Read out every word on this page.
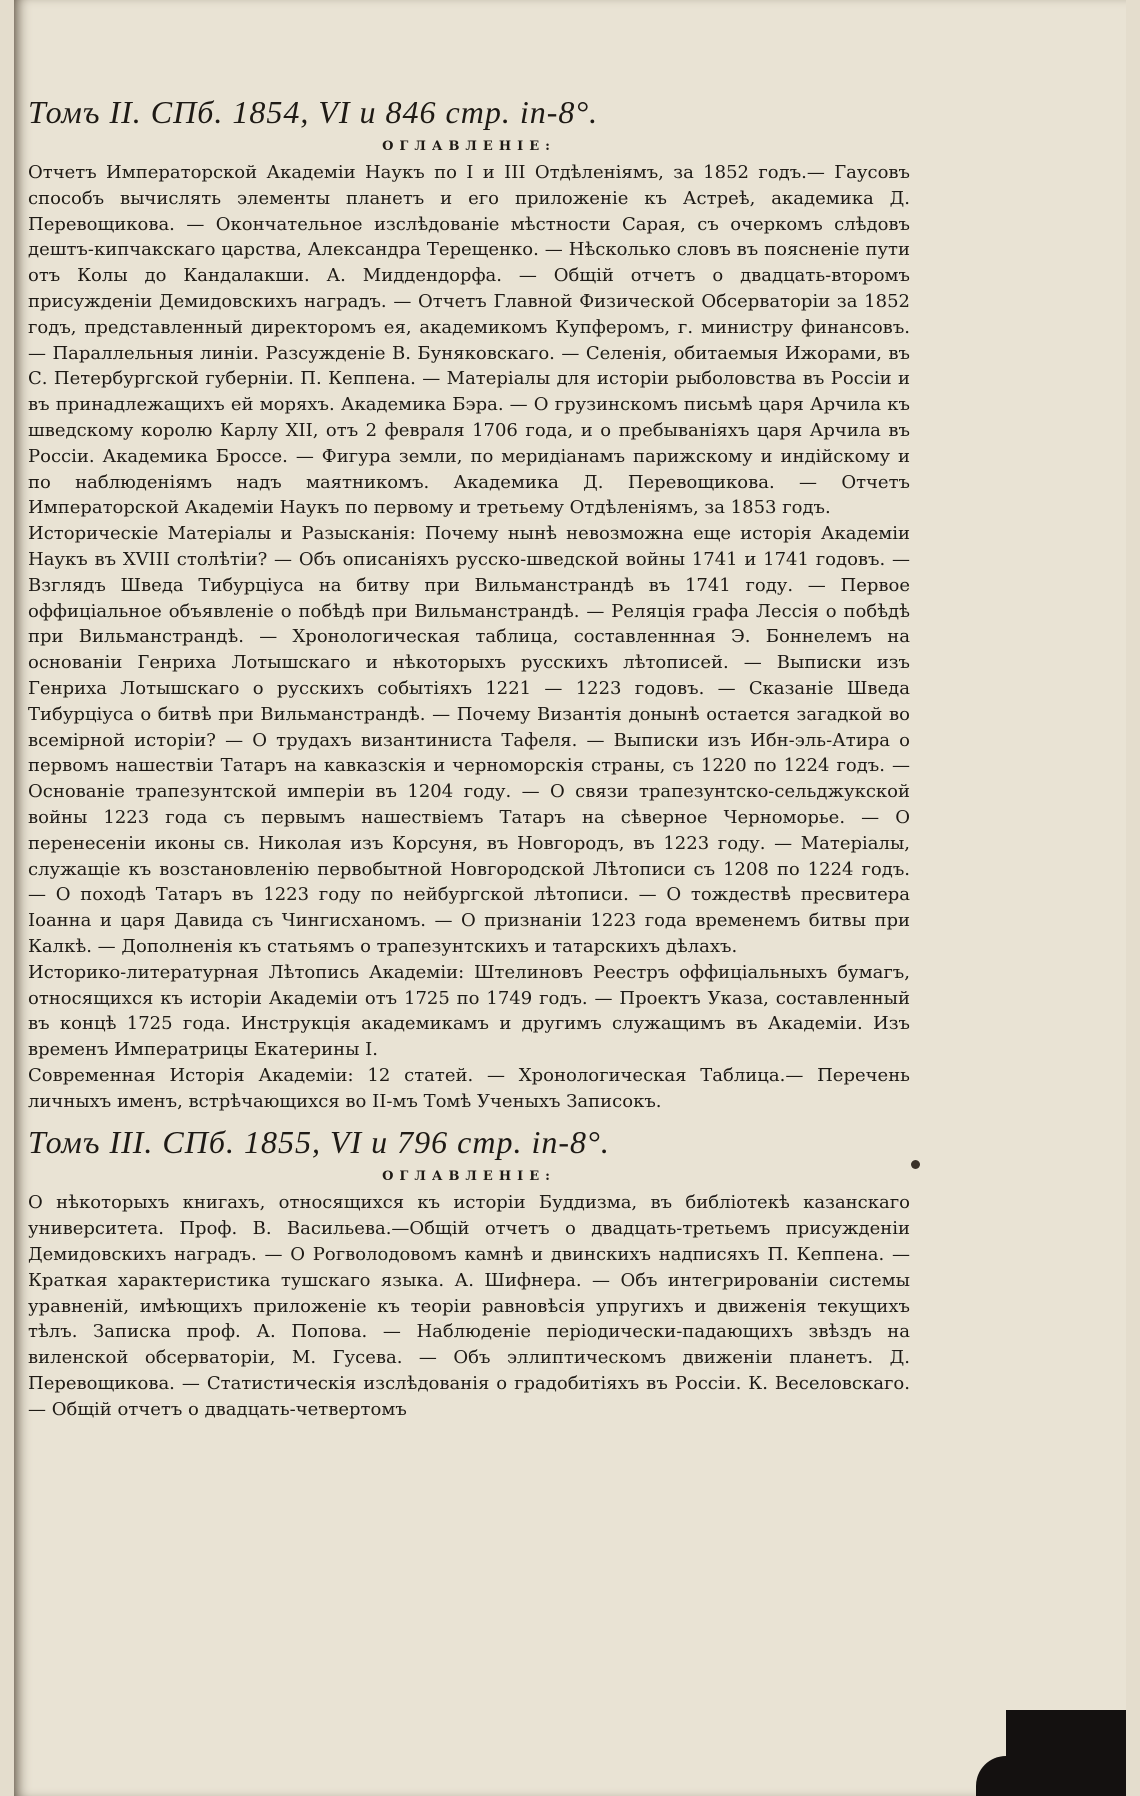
Томъ II. СПб. 1854, VI и 846 стр. in-8°.
ОГЛАВЛЕНІЕ:

Отчетъ Императорской Академіи Наукъ по I и III Отдѣленіямъ, за 1852 годъ.— Гаусовъ способъ вычислять элементы планетъ и его приложеніе къ Астреѣ, академика Д. Перевощикова. — Окончательное изслѣдованіе мѣстности Сарая, съ очеркомъ слѣдовъ дештъ-кипчакскаго царства, Александра Терещенко. — Нѣсколько словъ въ поясненіе пути отъ Колы до Кандалакши. А. Миддендорфа. — Общій отчетъ о двадцать-второмъ присужденіи Демидовскихъ наградъ. — Отчетъ Главной Физической Обсерваторіи за 1852 годъ, представленный директоромъ ея, академикомъ Купферомъ, г. министру финансовъ. — Параллельныя линіи. Разсужденіе В. Буняковскаго. — Селенія, обитаемыя Ижорами, въ С. Петербургской губерніи. П. Кеппена. — Матеріалы для исторіи рыболовства въ Россіи и въ принадлежащихъ ей моряхъ. Академика Бэра. — О грузинскомъ письмѣ царя Арчила къ шведскому королю Карлу XII, отъ 2 февраля 1706 года, и о пребываніяхъ царя Арчила въ Россіи. Академика Броссе. — Фигура земли, по меридіанамъ парижскому и индійскому и по наблюденіямъ надъ маятникомъ. Академика Д. Перевощикова. — Отчетъ Императорской Академіи Наукъ по первому и третьему Отдѣленіямъ, за 1853 годъ.

Историческіе Матеріалы и Разысканія: Почему нынѣ невозможна еще исторія Академіи Наукъ въ XVIII столѣтіи? — Объ описаніяхъ русско-шведской войны 1741 и 1741 годовъ. — Взглядъ Шведа Тибурціуса на битву при Вильманстрандѣ въ 1741 году. — Первое оффиціальное объявленіе о побѣдѣ при Вильманстрандѣ. — Реляція графа Лессія о побѣдѣ при Вильманстрандѣ. — Хронологическая таблица, составленнная Э. Боннелемъ на основаніи Генриха Лотышскаго и нѣкоторыхъ русскихъ лѣтописей. — Выписки изъ Генриха Лотышскаго о русскихъ событіяхъ 1221 — 1223 годовъ. — Сказаніе Шведа Тибурціуса о битвѣ при Вильманстрандѣ. — Почему Византія донынѣ остается загадкой во всемірной исторіи? — О трудахъ византиниста Тафеля. — Выписки изъ Ибн-эль-Атира о первомъ нашествіи Татаръ на кавказскія и черноморскія страны, съ 1220 по 1224 годъ. — Основаніе трапезунтской имперіи въ 1204 году. — О связи трапезунтско-сельджукской войны 1223 года съ первымъ нашествіемъ Татаръ на сѣверное Черноморье. — О перенесеніи иконы св. Николая изъ Корсуня, въ Новгородъ, въ 1223 году. — Матеріалы, служащіе къ возстановленію первобытной Новгородской Лѣтописи съ 1208 по 1224 годъ. — О походѣ Татаръ въ 1223 году по нейбургской лѣтописи. — О тождествѣ пресвитера Іоанна и царя Давида съ Чингисханомъ. — О признаніи 1223 года временемъ битвы при Калкѣ. — Дополненія къ статьямъ о трапезунтскихъ и татарскихъ дѣлахъ.

Историко-литературная Лѣтопись Академіи: Штелиновъ Реестръ оффиціальныхъ бумагъ, относящихся къ исторіи Академіи отъ 1725 по 1749 годъ. — Проектъ Указа, составленный въ концѣ 1725 года. Инструкція академикамъ и другимъ служащимъ въ Академіи. Изъ временъ Императрицы Екатерины I.

Современная Исторія Академіи: 12 статей. — Хронологическая Таблица.— Перечень личныхъ именъ, встрѣчающихся во II-мъ Томѣ Ученыхъ Записокъ.

Томъ III. СПб. 1855, VI и 796 стр. in-8°.
ОГЛАВЛЕНІЕ:

О нѣкоторыхъ книгахъ, относящихся къ исторіи Буддизма, въ библіотекѣ казанскаго университета. Проф. В. Васильева.—Общій отчетъ о двадцать-третьемъ присужденіи Демидовскихъ наградъ. — О Рогволодовомъ камнѣ и двинскихъ надписяхъ П. Кеппена. — Краткая характеристика тушскаго языка. А. Шифнера. — Объ интегрированіи системы уравненій, имѣющихъ приложеніе къ теоріи равновѣсія упругихъ и движенія текущихъ тѣлъ. Записка проф. А. Попова. — Наблюденіе періодически-падающихъ звѣздъ на виленской обсерваторіи, М. Гусева. — Объ эллиптическомъ движеніи планетъ. Д. Перевощикова. — Статистическія изслѣдованія о градобитіяхъ въ Россіи. К. Веселовскаго. — Общій отчетъ о двадцать-четвертомъ
